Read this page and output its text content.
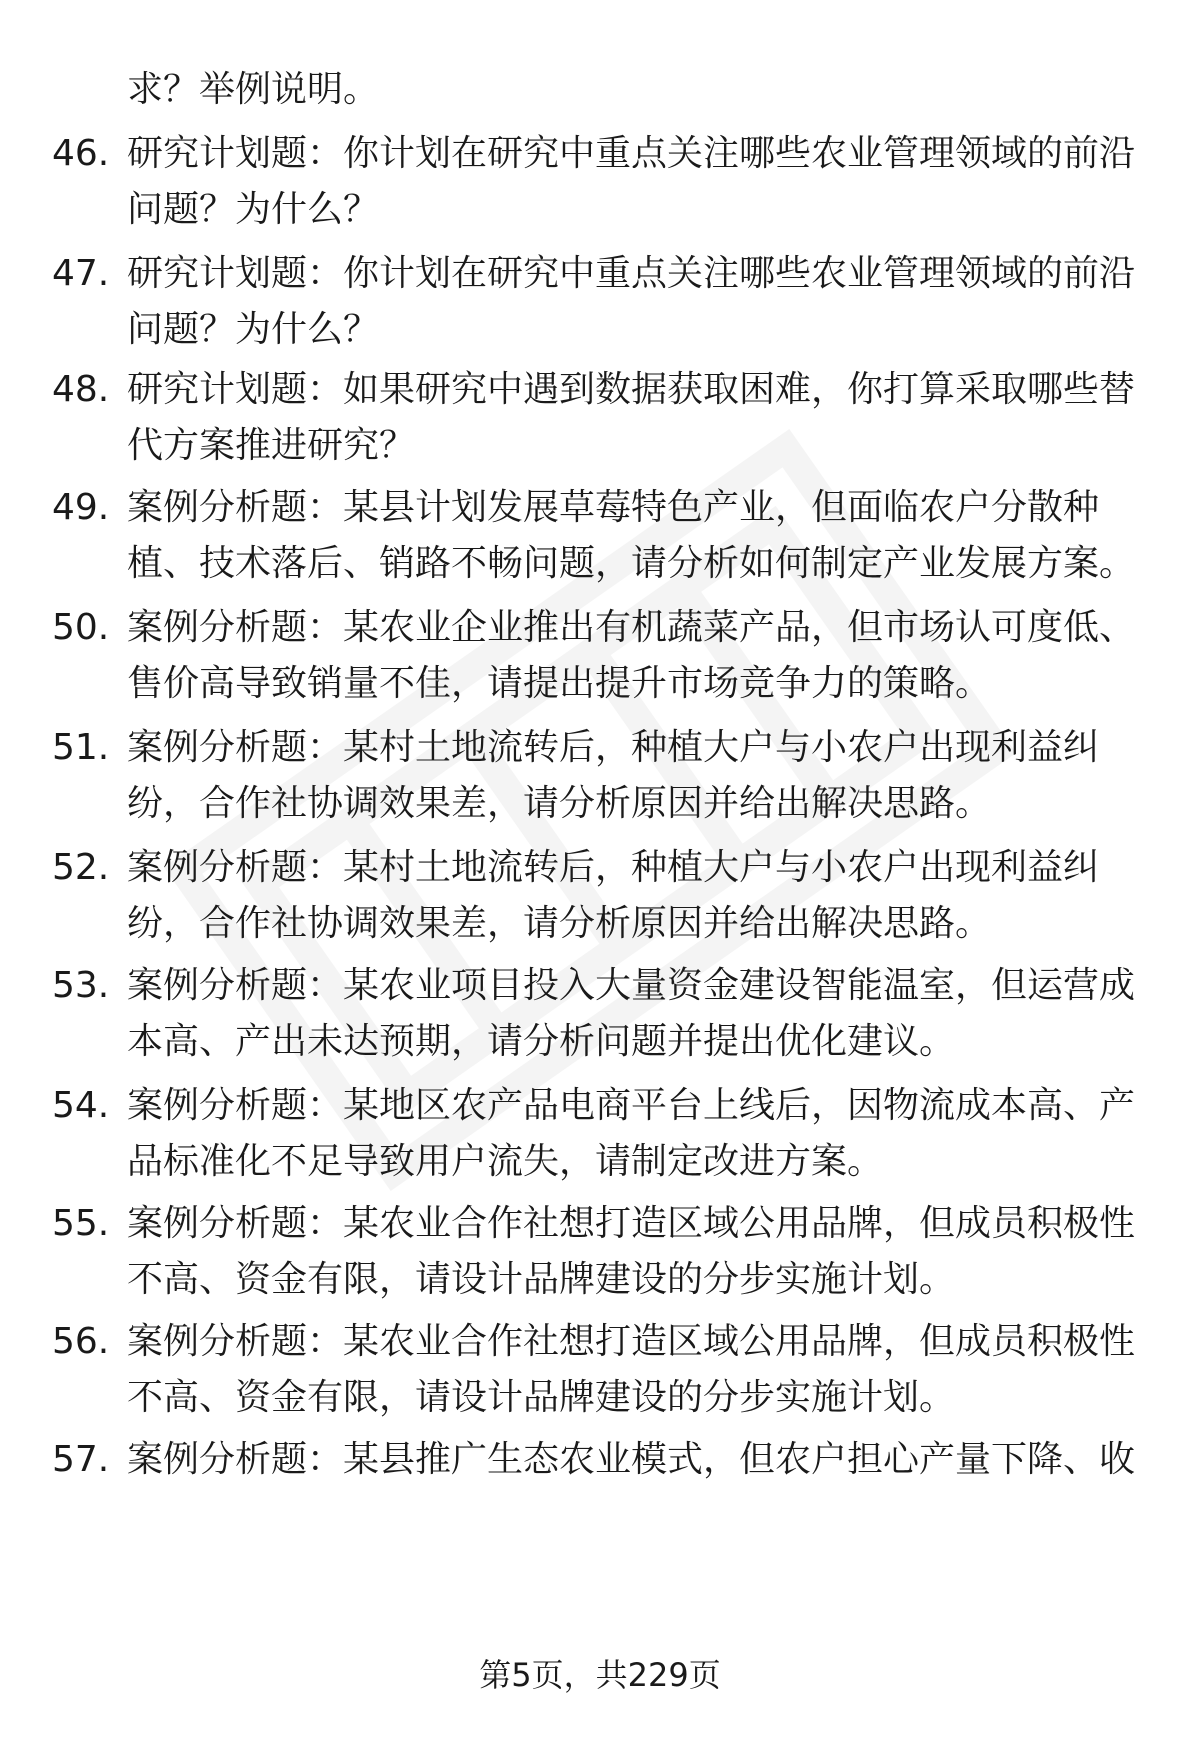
求？举例说明。
46. 研究计划题：你计划在研究中重点关注哪些农业管理领域的前沿
问题？为什么？
47. 研究计划题：你计划在研究中重点关注哪些农业管理领域的前沿
问题？为什么？
48. 研究计划题：如果研究中遇到数据获取困难，你打算采取哪些替
代方案推进研究？
49. 案例分析题：某县计划发展草莓特色产业，但面临农户分散种
植、技术落后、销路不畅问题，请分析如何制定产业发展方案。
50. 案例分析题：某农业企业推出有机蔬菜产品，但市场认可度低、
售价高导致销量不佳，请提出提升市场竞争力的策略。
51. 案例分析题：某村土地流转后，种植大户与小农户出现利益纠
纷，合作社协调效果差，请分析原因并给出解决思路。
52. 案例分析题：某村土地流转后，种植大户与小农户出现利益纠
纷，合作社协调效果差，请分析原因并给出解决思路。
53. 案例分析题：某农业项目投入大量资金建设智能温室，但运营成
本高、产出未达预期，请分析问题并提出优化建议。
54. 案例分析题：某地区农产品电商平台上线后，因物流成本高、产
品标准化不足导致用户流失，请制定改进方案。
55. 案例分析题：某农业合作社想打造区域公用品牌，但成员积极性
不高、资金有限，请设计品牌建设的分步实施计划。
56. 案例分析题：某农业合作社想打造区域公用品牌，但成员积极性
不高、资金有限，请设计品牌建设的分步实施计划。
57. 案例分析题：某县推广生态农业模式，但农户担心产量下降、收
第5页，共229页
